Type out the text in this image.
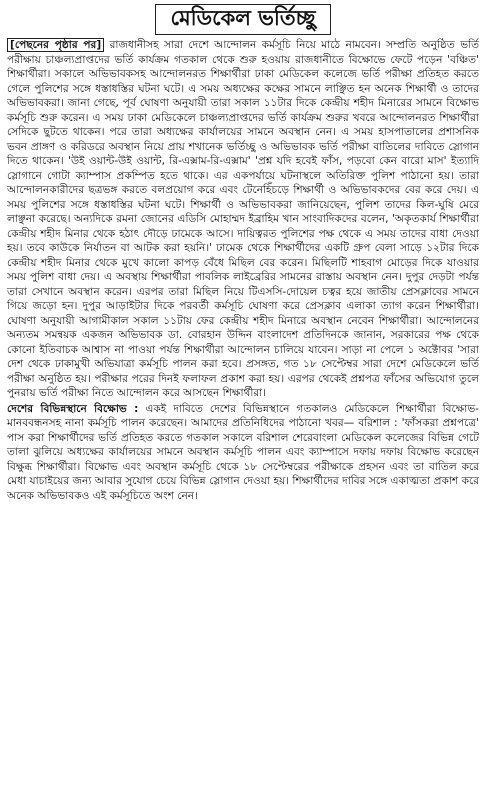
মেডিকেল ভর্তিচ্ছু

[পেছনের পৃষ্ঠার পর] রাজধানীসহ সারা দেশে আন্দোলন কর্মসূচি নিয়ে মাঠে নামবেন। সম্প্রতি অনুষ্ঠিত ভর্তি পরীক্ষায় চাঞ্চল্যপ্রাপ্তদের ভর্তি কার্যক্রম গতকাল থেকে শুরু হওয়ায় রাজধানীতে বিক্ষোভে ফেটে পড়েন 'বঞ্চিত' শিক্ষার্থীরা। সকালে অভিভাবকসহ আন্দোলনরত শিক্ষার্থীরা ঢাকা মেডিকেল কলেজে ভর্তি পরীক্ষা প্রতিহত করতে গেলে পুলিশের সঙ্গে ধস্তাধস্তির ঘটনা ঘটে। এ সময় অধ্যক্ষের কক্ষের সামনে লাঞ্ছিত হন অনেক শিক্ষার্থী ও তাদের অভিভাবকরা। জানা গেছে, পূর্ব ঘোষণা অনুযায়ী তারা সকাল ১১টার দিকে কেন্দ্রীয় শহীদ মিনারের সামনে বিক্ষোভ কর্মসূচি শুরু করেন। এ সময় ঢাকা মেডিকেলে চাঞ্চল্যপ্রাপ্তদের ভর্তি কার্যক্রম শুরুর খবরে আন্দোলনরত শিক্ষার্থীরা সেদিকে ছুটতে থাকেন। পরে তারা অধ্যক্ষের কার্যালয়ের সামনে অবস্থান নেন। এ সময় হাসপাতালের প্রশাসনিক ভবন প্রাঙ্গণ ও করিডরে অবস্থান নিয়ে প্রায় শখানেক ভর্তিচ্ছু ও অভিভাবক ভর্তি পরীক্ষা বাতিলের দাবিতে স্লোগান দিতে থাকেন। 'উই ওয়ান্ট-উই ওয়ান্ট, রি-এক্সাম-রি-এক্সাম' 'প্রশ্ন যদি হবেই ফাঁস, পড়বো কেন বারো মাস' ইত্যাদি স্লোগানে গোটা ক্যাম্পাস প্রকম্পিত হতে থাকে। এর একপর্যায়ে ঘটনাস্থলে অতিরিক্ত পুলিশ পাঠানো হয়। তারা আন্দোলনকারীদের ছত্রভঙ্গ করতে বলপ্রয়োগ করে এবং টেনেহিঁচড়ে শিক্ষার্থী ও অভিভাবকদের বের করে দেয়। এ সময় পুলিশের সঙ্গে ধস্তাধস্তির ঘটনা ঘটে। শিক্ষার্থী ও অভিভাবকরা জানিয়েছেন, পুলিশ তাদের কিল-ঘুষি মেরে লাঞ্ছনা করেছে। অন্যদিকে রমনা জোনের এডিসি মোহাম্মদ ইব্রাহিম খান সাংবাদিকদের বলেন, 'অকৃতকার্য শিক্ষার্থীরা কেন্দ্রীয় শহীদ মিনার থেকে হঠাৎ দৌড়ে ঢামেকে আসে। দায়িত্বরত পুলিশের পক্ষ থেকে এ সময় তাদের বাধা দেওয়া হয়। তবে কাউকে নির্যাতন বা আটক করা হয়নি।' ঢামেক থেকে শিক্ষার্থীদের একটি গ্রুপ বেলা সাড়ে ১২টার দিকে কেন্দ্রীয় শহীদ মিনার থেকে মুখে কালো কাপড় বেঁধে মিছিল বের করেন। মিছিলটি শাহবাগ মোড়ের দিকে যাওয়ার সময় পুলিশ বাধা দেয়। এ অবস্থায় শিক্ষার্থীরা পাবলিক লাইব্রেরির সামনের রাস্তায় অবস্থান নেন। দুপুর দেড়টা পর্যন্ত তারা সেখানে অবস্থান করেন। এরপর তারা মিছিল নিয়ে টিএসসি-দোয়েল চত্বর হয়ে জাতীয় প্রেসক্লাবের সামনে গিয়ে জড়ো হন। দুপুর আড়াইটার দিকে পরবর্তী কর্মসূচি ঘোষণা করে প্রেসক্লাব এলাকা ত্যাগ করেন শিক্ষার্থীরা। ঘোষণা অনুযায়ী আগামীকাল সকাল ১১টায় ফের কেন্দ্রীয় শহীদ মিনারে অবস্থান নেবেন শিক্ষার্থীরা। আন্দোলনের অন্যতম সমন্বয়ক একজন অভিভাবক ডা. বোরহান উদ্দিন বাংলাদেশ প্রতিদিনকে জানান, সরকারের পক্ষ থেকে কোনো ইতিবাচক আশ্বাস না পাওয়া পর্যন্ত শিক্ষার্থীরা আন্দোলন চালিয়ে যাবেন। সাড়া না পেলে ১ অক্টোবর 'সারা দেশ থেকে ঢাকামুখী অভিযাত্রা কর্মসূচি পালন করা হবে। প্রসঙ্গত, গত ১৮ সেপ্টেম্বর সারা দেশে মেডিকেলে ভর্তি পরীক্ষা অনুষ্ঠিত হয়। পরীক্ষার পরের দিনই ফলাফল প্রকাশ করা হয়। এরপর থেকেই প্রশ্নপত্র ফাঁসের অভিযোগ তুলে পুনরায় ভর্তি পরীক্ষা নিতে আন্দোলন করে আসছেন শিক্ষার্থীরা।

দেশের বিভিন্নস্থানে বিক্ষোভ : একই দাবিতে দেশের বিভিন্নস্থানে গতকালও মেডিকেলে শিক্ষার্থীরা বিক্ষোভ-মানববন্ধনসহ নানা কর্মসূচি পালন করেছেন। আমাদের প্রতিনিধিদের পাঠানো খবর— বরিশাল : 'ফাঁসকরা প্রশ্নপত্রে' পাস করা শিক্ষার্থীদের ভর্তি প্রতিহত করতে গতকাল সকালে বরিশাল শেরেবাংলা মেডিকেল কলেজের বিভিন্ন গেটে তালা ঝুলিয়ে অধ্যক্ষের কার্যালয়ের সামনে অবস্থান কর্মসূচি পালন এবং ক্যাম্পাসে দফায় দফায় বিক্ষোভ করেছেন বিক্ষুব্ধ শিক্ষার্থীরা। বিক্ষোভ এবং অবস্থান কর্মসূচি থেকে ১৮ সেপ্টেম্বরের পরীক্ষাকে প্রহসন এবং তা বাতিল করে মেধা যাচাইয়ের জন্য আবার সুযোগ চেয়ে বিভিন্ন স্লোগান দেওয়া হয়। শিক্ষার্থীদের দাবির সঙ্গে একাত্মতা প্রকাশ করে অনেক অভিভাবকও এই কর্মসূচিতে অংশ নেন।
